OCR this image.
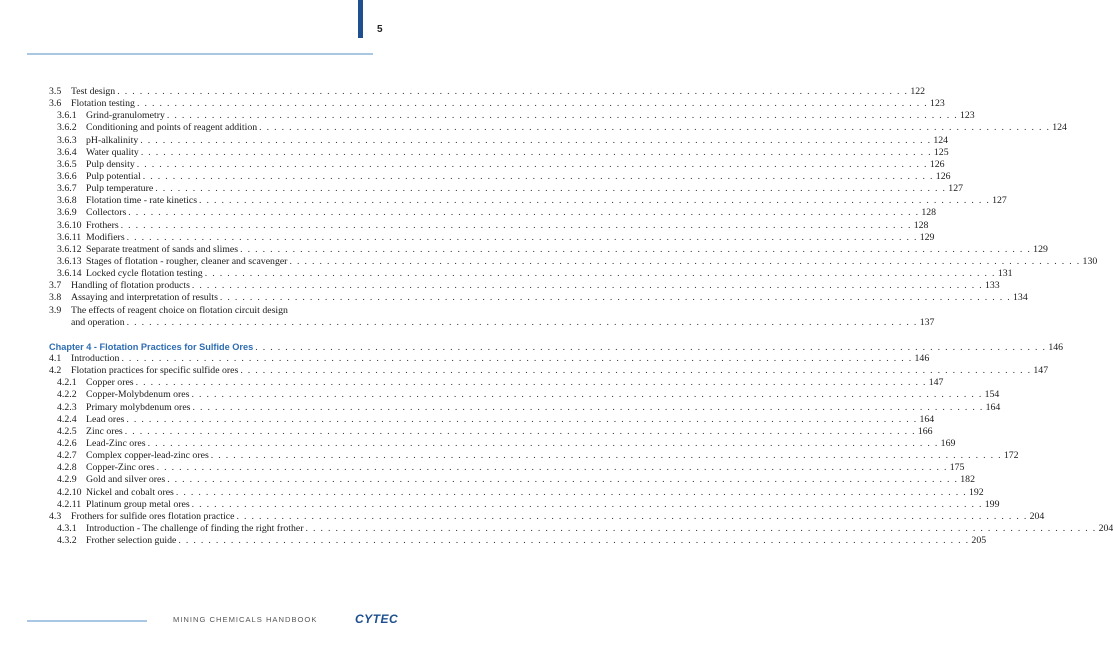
5
3.5 Test design . . .	122
3.6 Flotation testing . . .	123
3.6.1 Grind-granulometry . . .	123
3.6.2 Conditioning and points of reagent addition . . .	124
3.6.3 pH-alkalinity . . .	124
3.6.4 Water quality . . .	125
3.6.5 Pulp density . . .	126
3.6.6 Pulp potential . . .	126
3.6.7 Pulp temperature . . .	127
3.6.8 Flotation time - rate kinetics . . .	127
3.6.9 Collectors . . .	128
3.6.10 Frothers . . .	128
3.6.11 Modifiers . . .	129
3.6.12 Separate treatment of sands and slimes . . .	129
3.6.13 Stages of flotation - rougher, cleaner and scavenger . . .	130
3.6.14 Locked cycle flotation testing . . .	131
3.7 Handling of flotation products . . .	133
3.8 Assaying and interpretation of results . . .	134
3.9 The effects of reagent choice on flotation circuit design
and operation . . .	137
Chapter 4 - Flotation Practices for Sulfide Ores . . .	146
4.1 Introduction . . .	146
4.2 Flotation practices for specific sulfide ores . . .	147
4.2.1 Copper ores . . .	147
4.2.2 Copper-Molybdenum ores . . .	154
4.2.3 Primary molybdenum ores . . .	164
4.2.4 Lead ores . . .	164
4.2.5 Zinc ores . . .	166
4.2.6 Lead-Zinc ores . . .	169
4.2.7 Complex copper-lead-zinc ores . . .	172
4.2.8 Copper-Zinc ores . . .	175
4.2.9 Gold and silver ores . . .	182
4.2.10 Nickel and cobalt ores . . .	192
4.2.11 Platinum group metal ores . . .	199
4.3 Frothers for sulfide ores flotation practice . . .	204
4.3.1 Introduction - The challenge of finding the right frother . . .	204
4.3.2 Frother selection guide . . .	205
MINING CHEMICALS HANDBOOK	CYTEC
